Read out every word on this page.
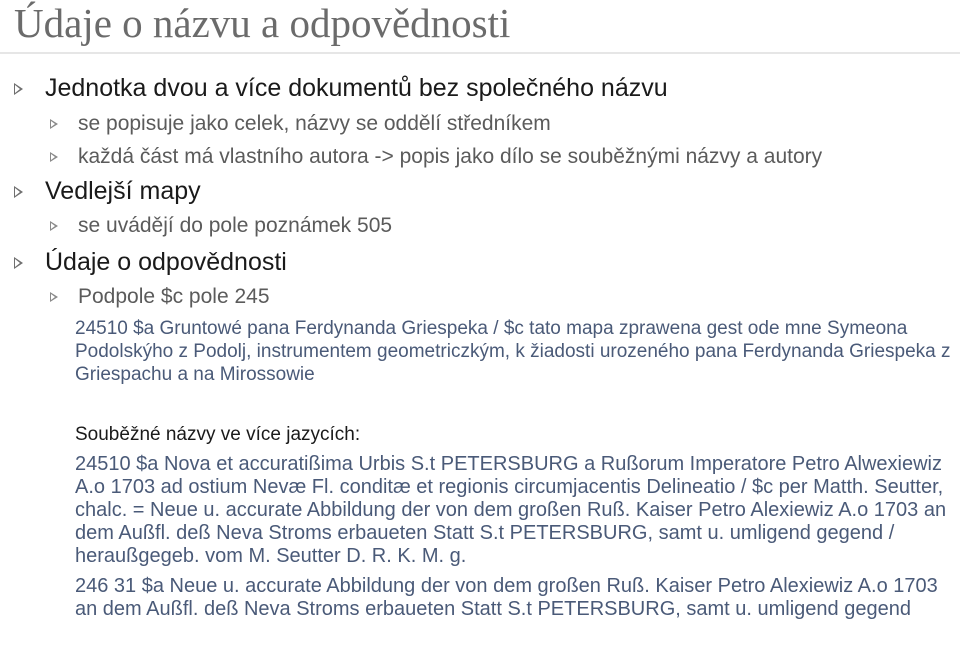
Údaje o názvu a odpovědnosti
Jednotka dvou a více dokumentů bez společného názvu
se popisuje jako celek, názvy se oddělí středníkem
každá část má vlastního autora -> popis jako dílo se souběžnými názvy a autory
Vedlejší mapy
se uvádějí do pole poznámek 505
Údaje o odpovědnosti
Podpole $c pole 245
24510 $a Gruntowé pana Ferdynanda Griespeka / $c tato mapa zprawena gest ode mne Symeona Podolskýho z Podolj, instrumentem geometriczkým, k žiadosti urozeného pana Ferdynanda Griespeka z Griespachu a na Mirossowie
Souběžné názvy ve více jazycích:
24510 $a Nova et accuratißima Urbis S.t PETERSBURG a Rußorum Imperatore Petro Alwexiewiz A.o 1703 ad ostium Nevæ Fl. conditæ et regionis circumjacentis Delineatio / $c per Matth. Seutter, chalc. = Neue u. accurate Abbildung der von dem großen Ruß. Kaiser Petro Alexiewiz A.o 1703 an dem Außfl. deß Neva Stroms erbaueten Statt S.t PETERSBURG, samt u. umligend gegend / heraußgegeb. vom M. Seutter D. R. K. M. g.
246 31 $a Neue u. accurate Abbildung der von dem großen Ruß. Kaiser Petro Alexiewiz A.o 1703 an dem Außfl. deß Neva Stroms erbaueten Statt S.t PETERSBURG, samt u. umligend gegend
